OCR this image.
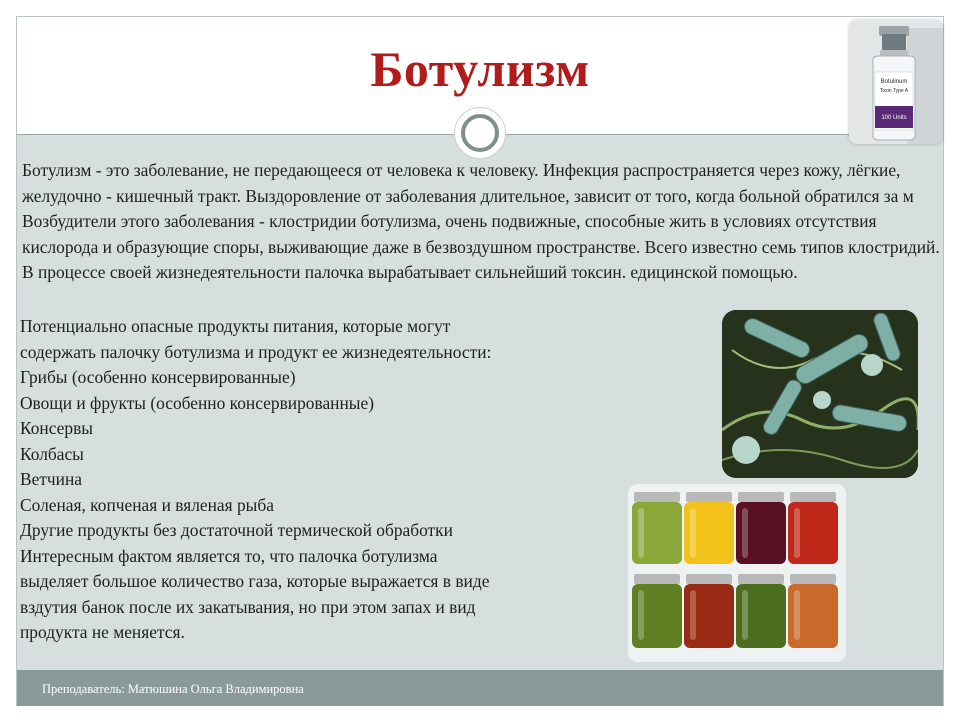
Ботулизм	Botulinum
Toxin Type A
100 Units

Ботулизм - это заболевание, не передающееся от человека к человеку. Инфекция распространяется через кожу, лёгкие, желудочно - кишечный тракт. Выздоровление от заболевания длительное, зависит от того, когда больной обратился за м Возбудители этого заболевания - клостридии ботулизма, очень подвижные, способные жить в условиях отсутствия кислорода и образующие споры, выживающие даже в безвоздушном пространстве. Всего известно семь типов клостридий. В процессе своей жизнедеятельности палочка вырабатывает сильнейший токсин. едицинской помощью.

Потенциально опасные продукты питания, которые могут
содержать палочку ботулизма и продукт ее жизнедеятельности:
Грибы (особенно консервированные)
Овощи и фрукты (особенно консервированные)
Консервы
Колбасы
Ветчина
Соленая, копченая и вяленая рыба
Другие продукты без достаточной термической обработки
Интересным фактом является то, что палочка ботулизма
выделяет большое количество газа, которые выражается в виде
вздутия банок после их закатывания, но при этом запах и вид
продукта не меняется.
Преподаватель: Матюшина Ольга Владимировна
